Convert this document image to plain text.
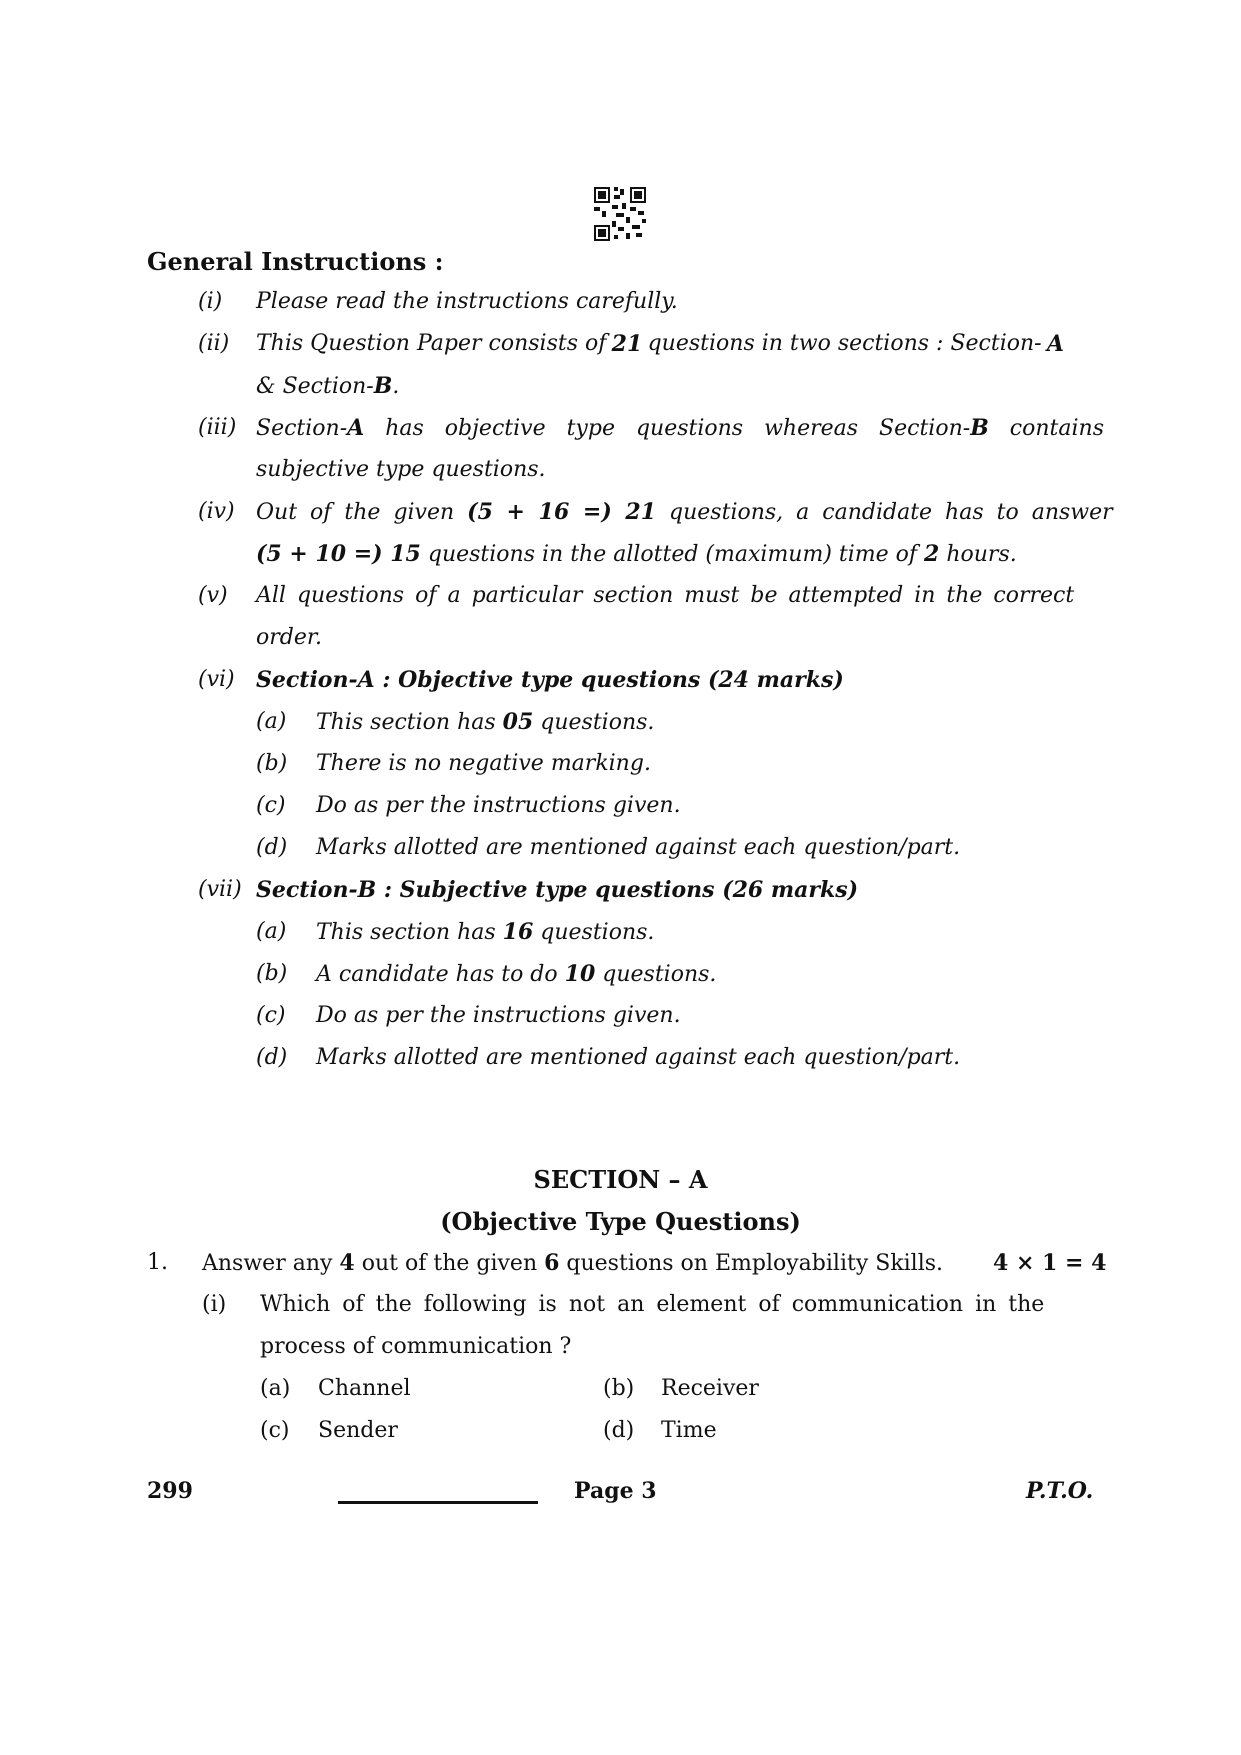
General Instructions :
(i) Please read the instructions carefully.
(ii) This Question Paper consists of 21 questions in two sections : Section- A
& Section-B.
(iii) Section-A has objective type questions whereas Section-B contains
subjective type questions.
(iv) Out of the given (5 + 16 =) 21 questions, a candidate has to answer
(5 + 10 =) 15 questions in the allotted (maximum) time of 2 hours.
(v) All questions of a particular section must be attempted in the correct
order.
(vi) Section-A : Objective type questions (24 marks)
(a) This section has 05 questions.
(b) There is no negative marking.
(c) Do as per the instructions given.
(d) Marks allotted are mentioned against each question/part.
(vii) Section-B : Subjective type questions (26 marks)
(a) This section has 16 questions.
(b) A candidate has to do 10 questions.
(c) Do as per the instructions given.
(d) Marks allotted are mentioned against each question/part.
SECTION – A
(Objective Type Questions)
1. Answer any 4 out of the given 6 questions on Employability Skills. 4 × 1 = 4
(i) Which of the following is not an element of communication in the
process of communication ?
(a) Channel	(b) Receiver
(c) Sender	(d) Time
299	Page 3	P.T.O.
